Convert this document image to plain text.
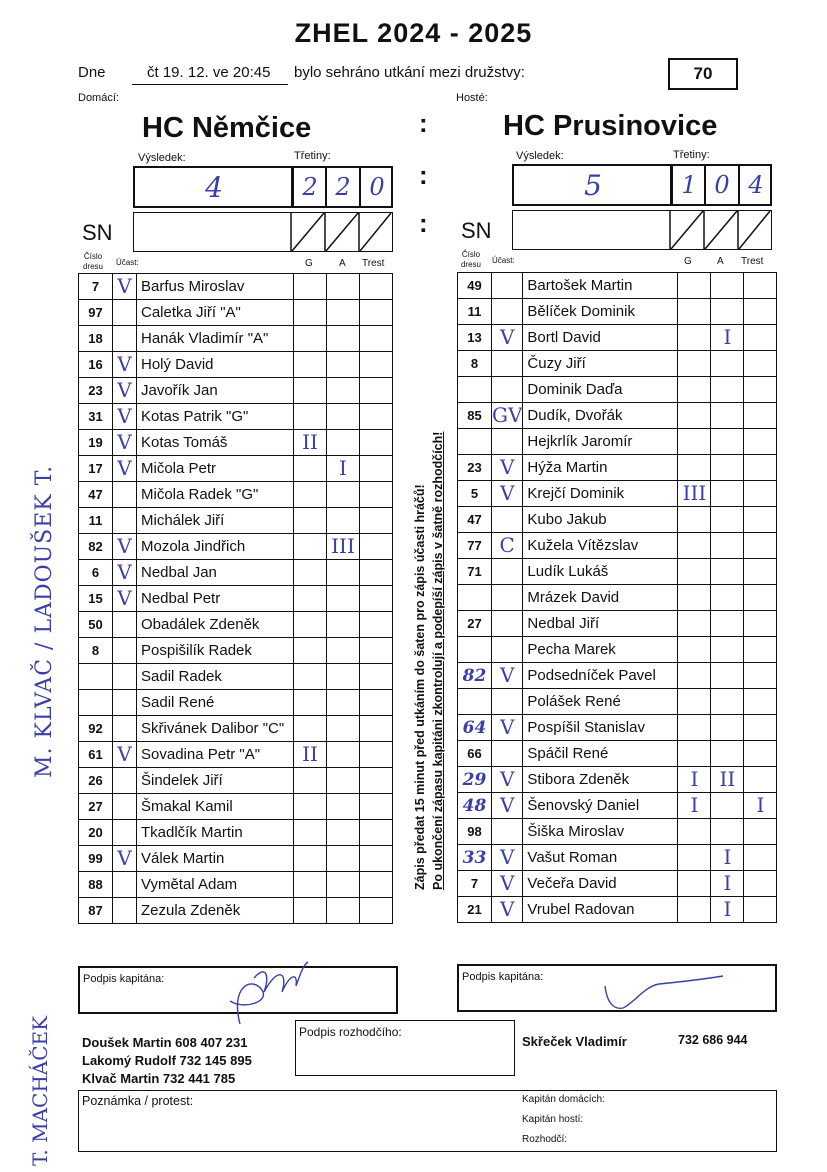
ZHEL 2024 - 2025
Dne	čt 19. 12. ve 20:45 bylo sehráno utkání mezi družstvy:	70
Domácí:	Hosté:
HC Němčice	HC Prusinovice
:
Výsledek:	Třetiny:
4	2 2 0	:
Výsledek:	Třetiny:
5	1 0 4
SN	: SN
Číslo dresu Účast:	G	A Trest
Číslo dresu Účast:	G	A Trest
7	V	Barfus Miroslav			
97		Caletka Jiří "A"			
18		Hanák Vladimír "A"			
16	V	Holý David			
23	V	Javořík Jan			
31	V	Kotas Patrik "G"			
19	V	Kotas Tomáš	II		
17	V	Mičola Petr		I	
47		Mičola Radek "G"			
11		Michálek Jiří			
82	V	Mozola Jindřich		III	
6	V	Nedbal Jan			
15	V	Nedbal Petr			
50		Obadálek Zdeněk			
8		Pospišilík Radek			
		Sadil Radek			
		Sadil René			
92		Skřivánek Dalibor "C"			
61	V	Sovadina Petr "A"	II		
26		Šindelek Jiří			
27		Šmakal Kamil			
20		Tkadlčík Martin			
99	V	Válek Martin			
88		Vymětal Adam			
87		Zezula Zdeněk			
49		Bartošek Martin			
11		Bělíček Dominik			
13	V	Bortl David		I	
8		Čuzy Jiří			
		Dominik Daďa			
85	GV	Dudík, Dvořák			
		Hejkrlík Jaromír			
23	V	Hýža Martin			
5	V	Krejčí Dominik	III		
47		Kubo Jakub			
77	C	Kužela Vítězslav			
71		Ludík Lukáš			
		Mrázek David			
27		Nedbal Jiří			
		Pecha Marek			
82	V	Podsedníček Pavel			
		Polášek René			
64	V	Pospíšil Stanislav			
66		Spáčil René			
29	V	Stibora Zdeněk	I	II	
48	V	Šenovský Daniel	I		I
98		Šiška Miroslav			
33	V	Vašut Roman		I	
7	V	Večeřa David		I	
21	V	Vrubel Radovan		I	
Zápis předat 15 minut před utkáním do šaten pro zápis účasti hráčů! Po ukončení zápasu kapitáni zkontrolují a podepíší zápis v šatně rozhodčích!
M. KLVAČ / LADOUŠEK T.
T. MACHÁČEK
Podpis kapitána:	Podpis kapitána:
Doušek Martin 608 407 231
Lakomý Rudolf 732 145 895
Klvač Martin 732 441 785
Podpis rozhodčího:
Skřeček Vladimír	732 686 944
Poznámka / protest:	Kapitán domácích:
Kapitán hostí:
Rozhodčí:
